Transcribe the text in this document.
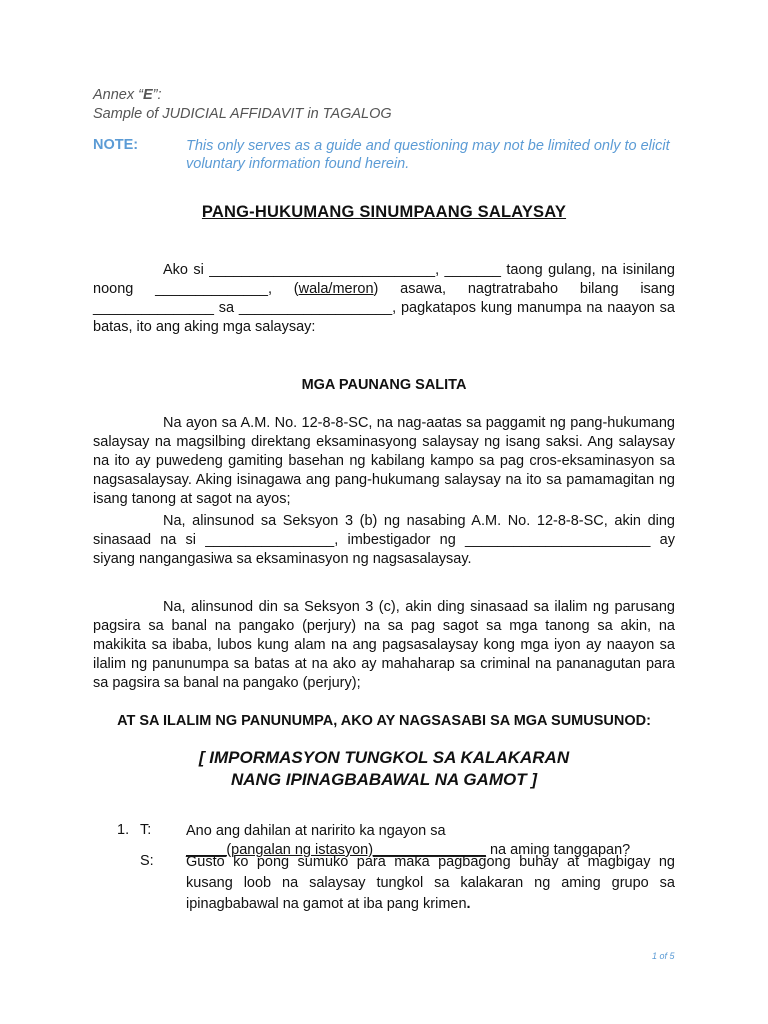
Annex “E”:
Sample of JUDICIAL AFFIDAVIT in TAGALOG
NOTE:	This only serves as a guide and questioning may not be limited only to elicit voluntary information found herein.
PANG-HUKUMANG SINUMPAANG SALAYSAY
Ako si ____________________________, _______ taong gulang, na isinilang noong ______________, (wala/meron) asawa, nagtratrabaho bilang isang _______________ sa ___________________, pagkatapos kung manumpa na naayon sa batas, ito ang aking mga salaysay:
MGA PAUNANG SALITA
Na ayon sa A.M. No. 12-8-8-SC, na nag-aatas sa paggamit ng pang-hukumang salaysay na magsilbing direktang eksaminasyong salaysay ng isang saksi. Ang salaysay na ito ay puwedeng gamiting basehan ng kabilang kampo sa pag cros-eksaminasyon sa nagsasalaysay. Aking isinagawa ang pang-hukumang salaysay na ito sa pamamagitan ng isang tanong at sagot na ayos;
Na, alinsunod sa Seksyon 3 (b) ng nasabing A.M. No. 12-8-8-SC, akin ding sinasaad na si ________________, imbestigador ng _______________________ ay siyang nangangasiwa sa eksaminasyon ng nagsasalaysay.
Na, alinsunod din sa Seksyon 3 (c), akin ding sinasaad sa ilalim ng parusang pagsira sa banal na pangako (perjury) na sa pag sagot sa mga tanong sa akin, na makikita sa ibaba, lubos kung alam na ang pagsasalaysay kong mga iyon ay naayon sa ilalim ng panunumpa sa batas at na ako ay mahaharap sa criminal na pananagutan para sa pagsira sa banal na pangako (perjury);
AT SA ILALIM NG PANUNUMPA, AKO AY NAGSASABI SA MGA SUMUSUNOD:
[ IMPORMASYON TUNGKOL SA KALAKARAN
NANG IPINAGBABAWAL NA GAMOT ]
1. T: Ano ang dahilan at naririto ka ngayon sa
_____(pangalan ng istasyon)______________ na aming tanggapan?
S: Gusto ko pong sumuko para maka pagbagong buhay at magbigay ng kusang loob na salaysay tungkol sa kalakaran ng aming grupo sa ipinagbabawal na gamot at iba pang krimen.
1 of 5
